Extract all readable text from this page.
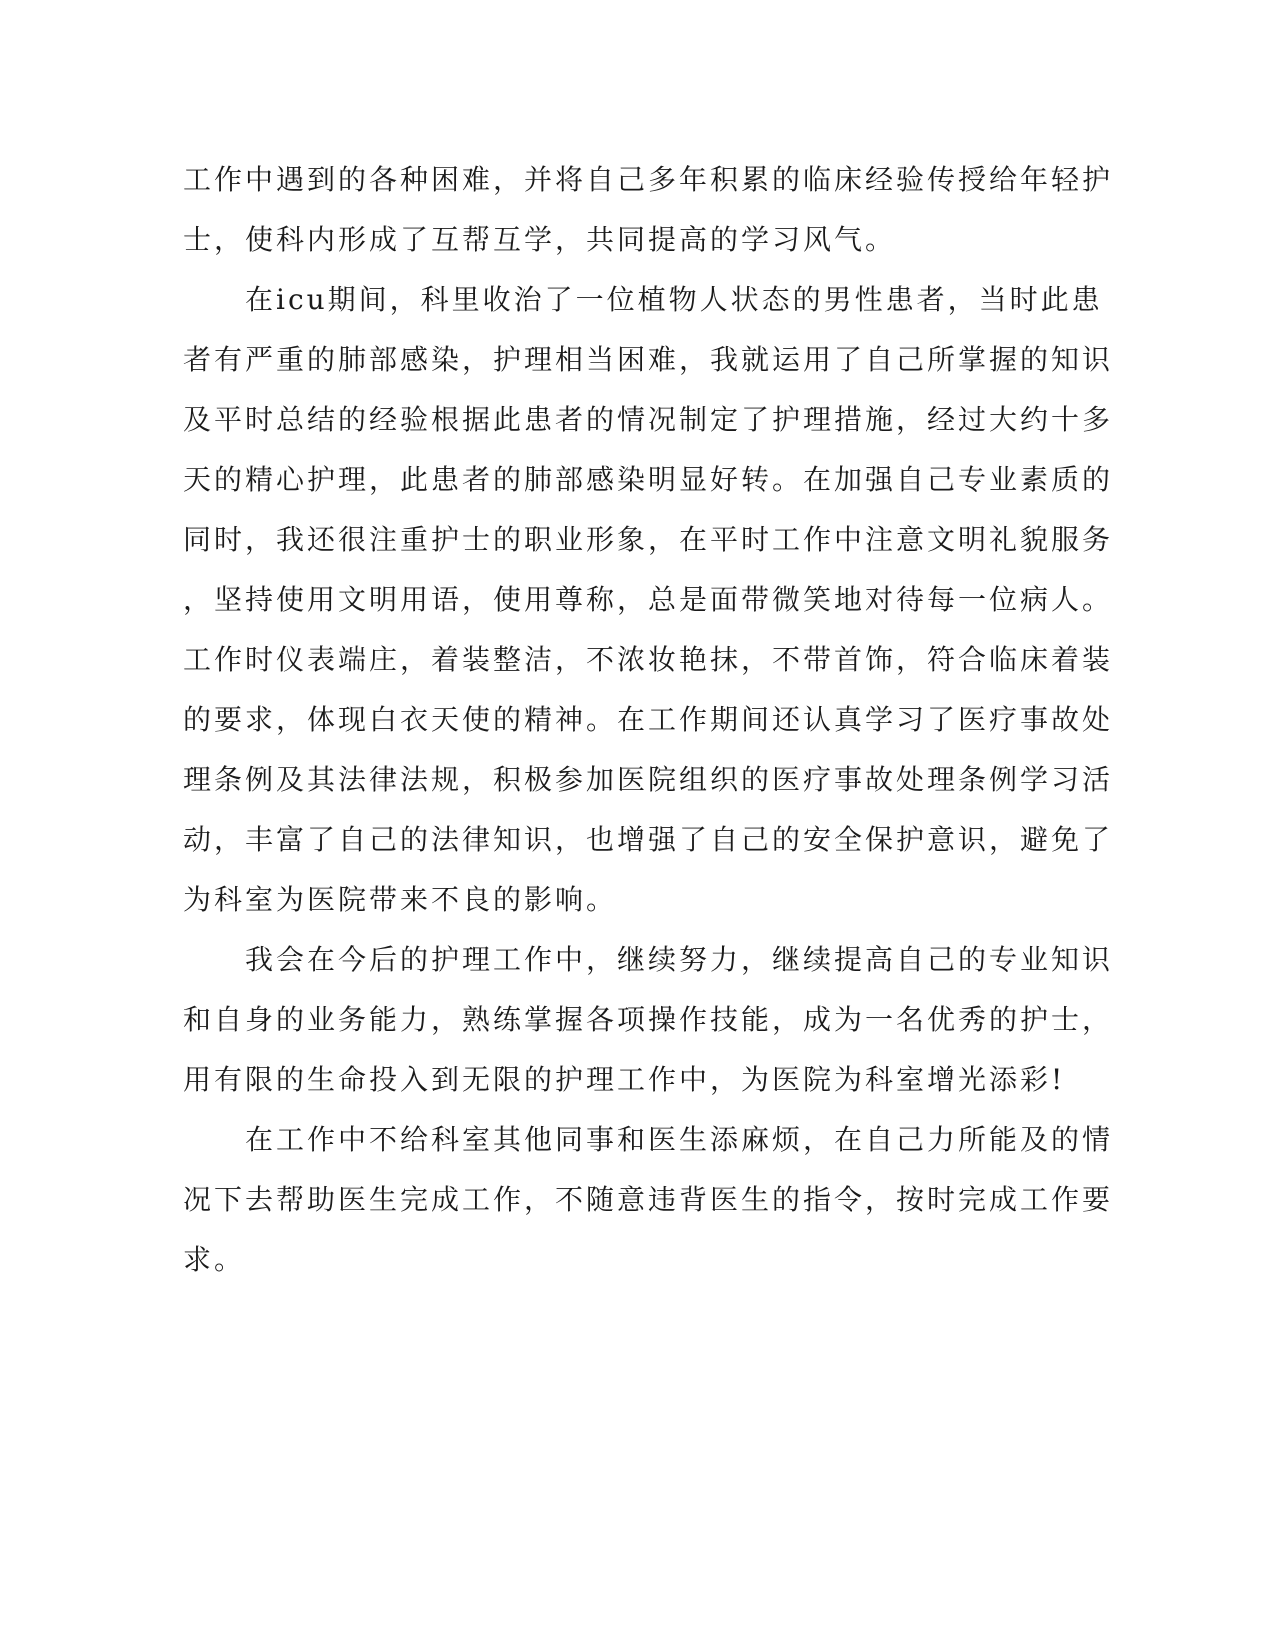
工作中遇到的各种困难，并将自己多年积累的临床经验传授给年轻护
士，使科内形成了互帮互学，共同提高的学习风气。
　　在icu期间，科里收治了一位植物人状态的男性患者，当时此患
者有严重的肺部感染，护理相当困难，我就运用了自己所掌握的知识
及平时总结的经验根据此患者的情况制定了护理措施，经过大约十多
天的精心护理，此患者的肺部感染明显好转。在加强自己专业素质的
同时，我还很注重护士的职业形象，在平时工作中注意文明礼貌服务
，坚持使用文明用语，使用尊称，总是面带微笑地对待每一位病人。
工作时仪表端庄，着装整洁，不浓妆艳抹，不带首饰，符合临床着装
的要求，体现白衣天使的精神。在工作期间还认真学习了医疗事故处
理条例及其法律法规，积极参加医院组织的医疗事故处理条例学习活
动，丰富了自己的法律知识，也增强了自己的安全保护意识，避免了
为科室为医院带来不良的影响。
　　我会在今后的护理工作中，继续努力，继续提高自己的专业知识
和自身的业务能力，熟练掌握各项操作技能，成为一名优秀的护士，
用有限的生命投入到无限的护理工作中，为医院为科室增光添彩!
　　在工作中不给科室其他同事和医生添麻烦，在自己力所能及的情
况下去帮助医生完成工作，不随意违背医生的指令，按时完成工作要
求。
